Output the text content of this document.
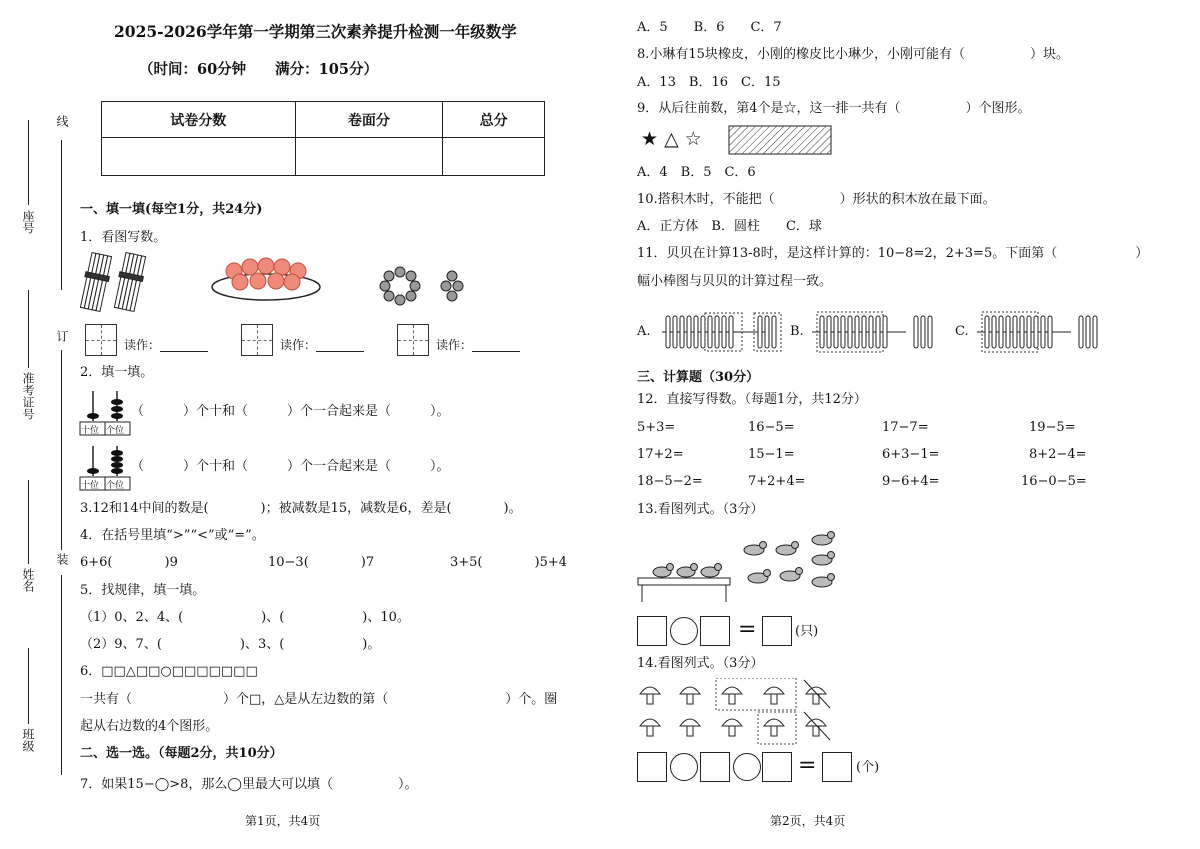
线
订
装
座号
准考证号
姓名
班级
2025-2026学年第一学期第三次素养提升检测一年级数学
（时间：60分钟　　满分：105分）
试卷分数	卷面分	总分

一、填一填(每空1分，共24分)
1．看图写数。
读作：	读作：	读作：
2．填一填。
十位 个位
（　　　）个十和（　　　）个一合起来是（　　　）。
十位 个位
（　　　）个十和（　　　）个一合起来是（　　　）。
3.12和14中间的数是(　　　　)；被减数是15，减数是6，差是(　　　　)。
4．在括号里填“>”“<”或“=”。
6+6(　　　　)9	10−3(　　　　)7	3+5(　　　　)5+4
5．找规律，填一填。
（1）0、2、4、(　　　　　　)、(　　　　　　)、10。
（2）9、7、(　　　　　　)、3、(　　　　　　)。
6．□□△□□○□□□□□□□
一共有（　　　　　　　）个□，△是从左边数的第（　　　　　　　　　）个。圈
起从右边数的4个图形。
二、选一选。（每题2分，共10分）
7．如果15−◯>8，那么◯里最大可以填（　　　　　）。
第1页，共4页
A．5　　B．6　　C．7
8.小琳有15块橡皮，小刚的橡皮比小琳少，小刚可能有（　　　　　）块。
A．13　B．16　C．15
9．从后往前数，第4个是☆，这一排一共有（　　　　　）个图形。
★ △ ☆
A．4　B．5　C．6
10.搭积木时，不能把（　　　　　）形状的积木放在最下面。
A．正方体　B．圆柱　　C．球
11．贝贝在计算13-8时，是这样计算的：10−8=2，2+3=5。下面第（　　　　　　）
幅小棒图与贝贝的计算过程一致。
A.	B.	C.
三、计算题（30分）
12．直接写得数。（每题1分，共12分）
5+3=	16−5=	17−7=	19−5=
17+2=	15−1=	6+3−1=	8+2−4=
18−5−2=	7+2+4=	9−6+4=	16−0−5=
13.看图列式。（3分）
=	(只)
14.看图列式。（3分）
=	(个)
第2页，共4页
